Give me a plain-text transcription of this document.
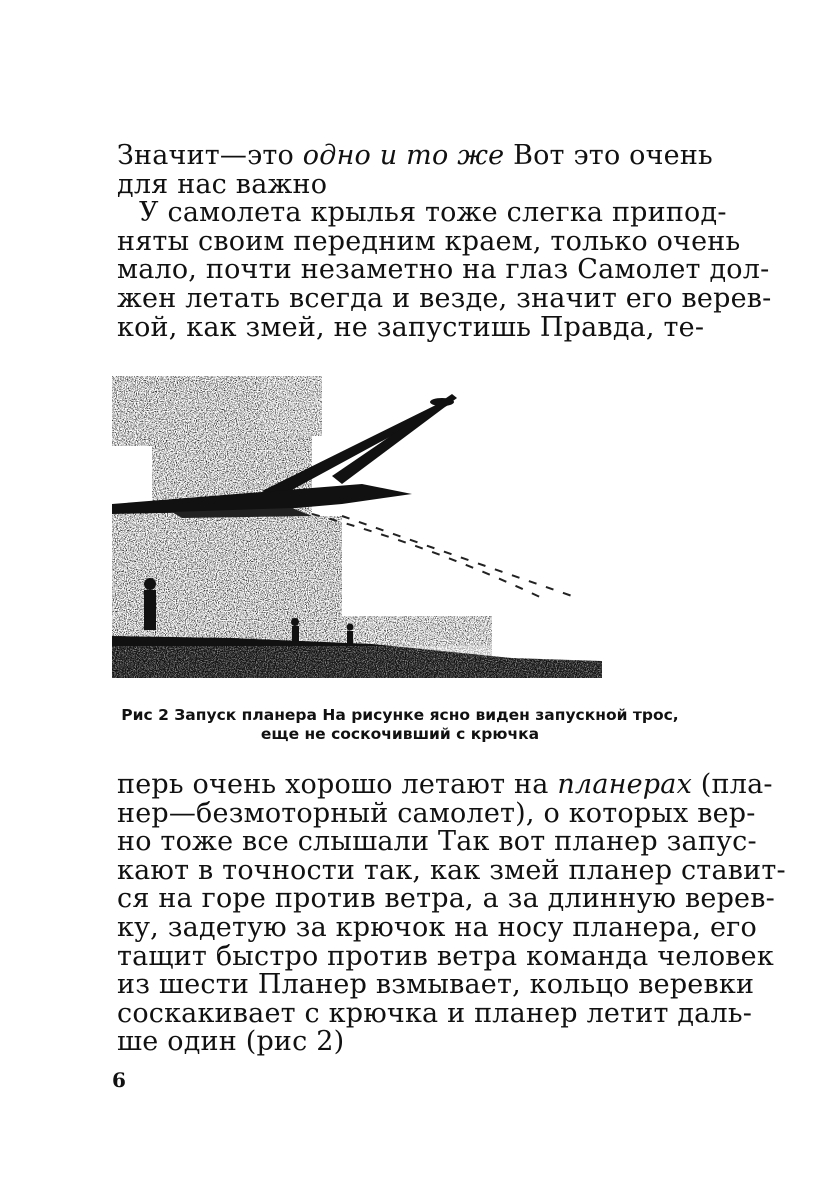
Значит—это одно и то же Вот это очень
для нас важно
У самолета крылья тоже слегка припод-
няты своим передним краем, только очень
мало, почти незаметно на глаз Самолет дол-
жен летать всегда и везде, значит его верев-
кой, как змей, не запустишь Правда, те-
Рис 2 Запуск планера На рисунке ясно виден запускной трос,
еще не соскочивший с крючка
перь очень хорошо летают на планерах (пла-
нер—безмоторный самолет), о которых вер-
но тоже все слышали Так вот планер запус-
кают в точности так, как змей планер ставит-
ся на горе против ветра, а за длинную верев-
ку, задетую за крючок на носу планера, его
тащит быстро против ветра команда человек
из шести Планер взмывает, кольцо веревки
соскакивает с крючка и планер летит даль-
ше один (рис 2)
6
